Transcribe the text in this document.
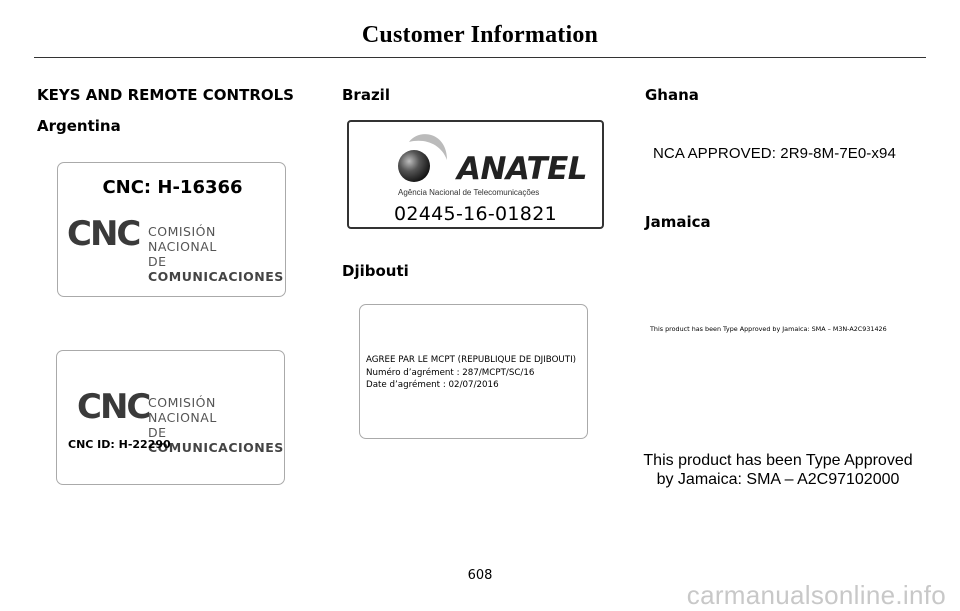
Customer Information
KEYS AND REMOTE CONTROLS
Argentina
CNC: H-16366
CNC COMISIÓN NACIONAL
DE COMUNICACIONES
CNC
COMISIÓN NACIONAL
DE COMUNICACIONES
CNC ID: H-22290
Brazil
ANATEL
Agência Nacional de Telecomunicações
02445-16-01821
Djibouti
AGREE PAR LE MCPT (REPUBLIQUE DE DJIBOUTI)
Numéro d’agrément : 287/MCPT/SC/16
Date d’agrément : 02/07/2016
Ghana
NCA APPROVED: 2R9-8M-7E0-x94
Jamaica
This product has been Type Approved by Jamaica: SMA – M3N-A2C931426
This product has been Type Approved
by Jamaica: SMA – A2C97102000
608
carmanualsonline.info
